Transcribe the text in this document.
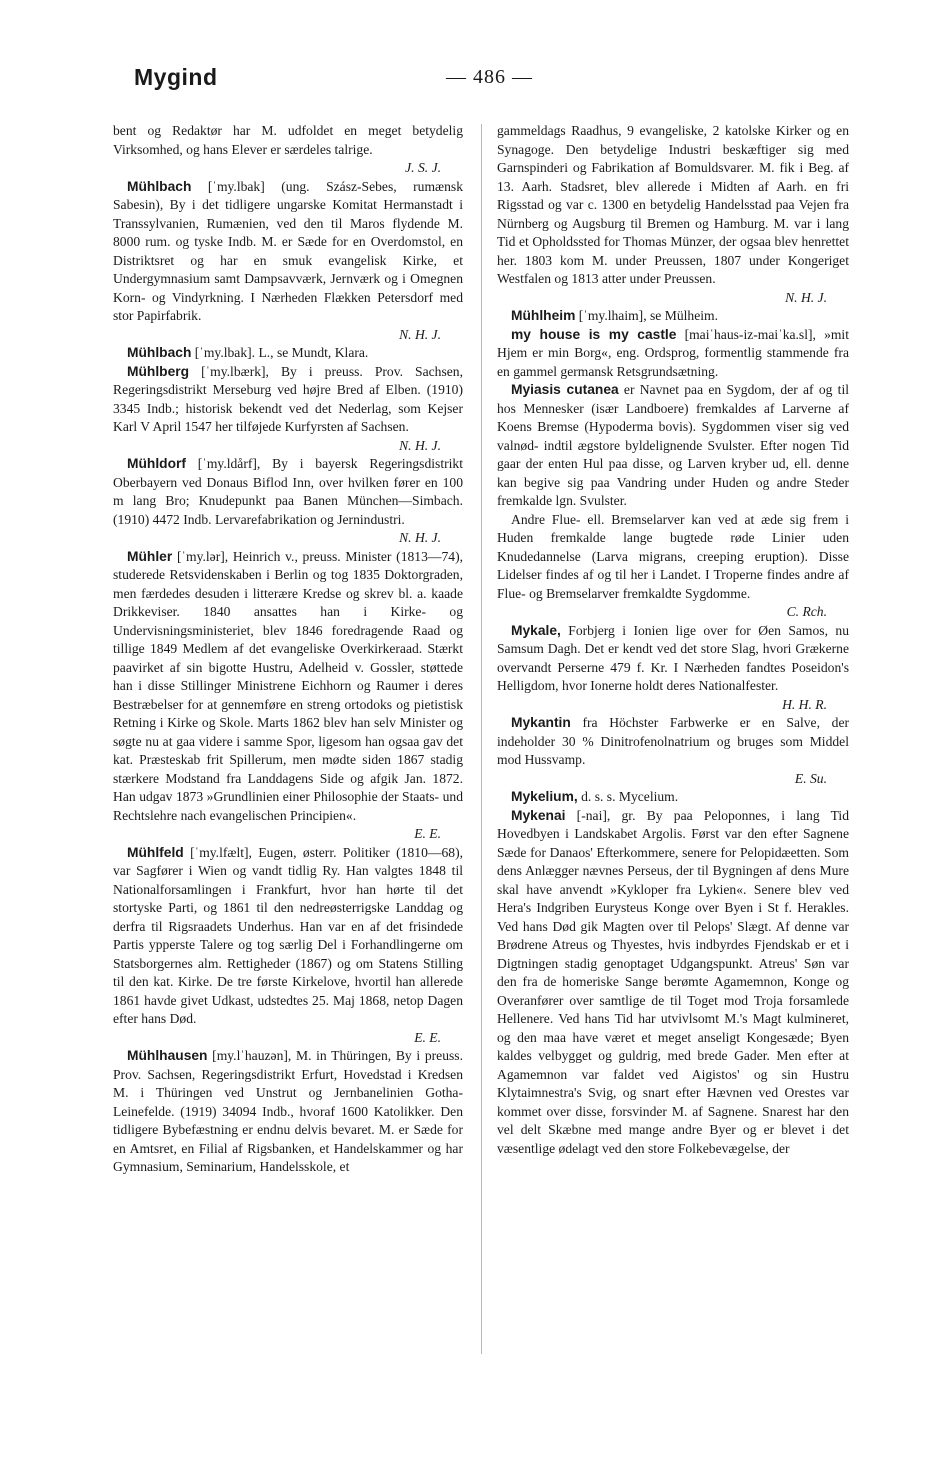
Mygind	— 486 —

bent og Redaktør har M. udfoldet en meget betydelig Virksomhed, og hans Elever er særdeles talrige.
J. S. J.

Mühlbach [ˈmy.lbak] (ung. Szász-Sebes, rumænsk Sabesin), By i det tidligere ungarske Komitat Hermanstadt i Transsylvanien, Rumænien, ved den til Maros flydende M. 8000 rum. og tyske Indb. M. er Sæde for en Overdomstol, en Distriktsret og har en smuk evangelisk Kirke, et Undergymnasium samt Dampsavværk, Jernværk og i Omegnen Korn- og Vindyrkning. I Nærheden Flækken Petersdorf med stor Papirfabrik.
N. H. J.

Mühlbach [ˈmy.lbak]. L., se Mundt, Klara.

Mühlberg [ˈmy.lbærk], By i preuss. Prov. Sachsen, Regeringsdistrikt Merseburg ved højre Bred af Elben. (1910) 3345 Indb.; historisk bekendt ved det Nederlag, som Kejser Karl V April 1547 her tilføjede Kurfyrsten af Sachsen.
N. H. J.

Mühldorf [ˈmy.ldårf], By i bayersk Regeringsdistrikt Oberbayern ved Donaus Biflod Inn, over hvilken fører en 100 m lang Bro; Knudepunkt paa Banen München—Simbach. (1910) 4472 Indb. Lervarefabrikation og Jernindustri.
N. H. J.

Mühler [ˈmy.lər], Heinrich v., preuss. Minister (1813—74), studerede Retsvidenskaben i Berlin og tog 1835 Doktorgraden, men færdedes desuden i litterære Kredse og skrev bl. a. kaade Drikkeviser. 1840 ansattes han i Kirke- og Undervisningsministeriet, blev 1846 foredragende Raad og tillige 1849 Medlem af det evangeliske Overkirkeraad. Stærkt paavirket af sin bigotte Hustru, Adelheid v. Gossler, støttede han i disse Stillinger Ministrene Eichhorn og Raumer i deres Bestræbelser for at gennemføre en streng ortodoks og pietistisk Retning i Kirke og Skole. Marts 1862 blev han selv Minister og søgte nu at gaa videre i samme Spor, ligesom han ogsaa gav det kat. Præsteskab frit Spillerum, men mødte siden 1867 stadig stærkere Modstand fra Landdagens Side og afgik Jan. 1872. Han udgav 1873 »Grundlinien einer Philosophie der Staats- und Rechtslehre nach evangelischen Principien«.
E. E.

Mühlfeld [ˈmy.lfælt], Eugen, østerr. Politiker (1810—68), var Sagfører i Wien og vandt tidlig Ry. Han valgtes 1848 til Nationalforsamlingen i Frankfurt, hvor han hørte til det stortyske Parti, og 1861 til den nedreøsterrigske Landdag og derfra til Rigsraadets Underhus. Han var en af det frisindede Partis ypperste Talere og tog særlig Del i Forhandlingerne om Statsborgernes alm. Rettigheder (1867) og om Statens Stilling til den kat. Kirke. De tre første Kirkelove, hvortil han allerede 1861 havde givet Udkast, udstedtes 25. Maj 1868, netop Dagen efter hans Død.
E. E.

Mühlhausen [my.lˈhauzən], M. in Thüringen, By i preuss. Prov. Sachsen, Regeringsdistrikt Erfurt, Hovedstad i Kredsen M. i Thüringen ved Unstrut og Jernbanelinien Gotha-Leinefelde. (1919) 34094 Indb., hvoraf 1600 Katolikker. Den tidligere Bybefæstning er endnu delvis bevaret. M. er Sæde for en Amtsret, en Filial af Rigsbanken, et Handelskammer og har Gymnasium, Seminarium, Handelsskole, et

gammeldags Raadhus, 9 evangeliske, 2 katolske Kirker og en Synagoge. Den betydelige Industri beskæftiger sig med Garnspinderi og Fabrikation af Bomuldsvarer. M. fik i Beg. af 13. Aarh. Stadsret, blev allerede i Midten af Aarh. en fri Rigsstad og var c. 1300 en betydelig Handelsstad paa Vejen fra Nürnberg og Augsburg til Bremen og Hamburg. M. var i lang Tid et Opholdssted for Thomas Münzer, der ogsaa blev henrettet her. 1803 kom M. under Preussen, 1807 under Kongeriget Westfalen og 1813 atter under Preussen.
N. H. J.

Mühlheim [ˈmy.lhaim], se Mülheim.

my house is my castle [maiˈhaus-iz-maiˈka.sl], »mit Hjem er min Borg«, eng. Ordsprog, formentlig stammende fra en gammel germansk Retsgrundsætning.

Myiasis cutanea er Navnet paa en Sygdom, der af og til hos Mennesker (især Landboere) fremkaldes af Larverne af Koens Bremse (Hypoderma bovis). Sygdommen viser sig ved valnød- indtil ægstore byldelignende Svulster. Efter nogen Tid gaar der enten Hul paa disse, og Larven kryber ud, ell. denne kan begive sig paa Vandring under Huden og andre Steder fremkalde lgn. Svulster.

Andre Flue- ell. Bremselarver kan ved at æde sig frem i Huden fremkalde lange bugtede røde Linier uden Knudedannelse (Larva migrans, creeping eruption). Disse Lidelser findes af og til her i Landet. I Troperne findes andre af Flue- og Bremselarver fremkaldte Sygdomme.
C. Rch.

Mykale, Forbjerg i Ionien lige over for Øen Samos, nu Samsum Dagh. Det er kendt ved det store Slag, hvori Grækerne overvandt Perserne 479 f. Kr. I Nærheden fandtes Poseidon's Helligdom, hvor Ionerne holdt deres Nationalfester.
H. H. R.

Mykantin fra Höchster Farbwerke er en Salve, der indeholder 30 % Dinitrofenolnatrium og bruges som Middel mod Hussvamp.
E. Su.

Mykelium, d. s. s. Mycelium.

Mykenai [-nai], gr. By paa Peloponnes, i lang Tid Hovedbyen i Landskabet Argolis. Først var den efter Sagnene Sæde for Danaos' Efterkommere, senere for Pelopidæetten. Som dens Anlægger nævnes Perseus, der til Bygningen af dens Mure skal have anvendt »Kykloper fra Lykien«. Senere blev ved Hera's Indgriben Eurysteus Konge over Byen i St f. Herakles. Ved hans Død gik Magten over til Pelops' Slægt. Af denne var Brødrene Atreus og Thyestes, hvis indbyrdes Fjendskab er et i Digtningen stadig genoptaget Udgangspunkt. Atreus' Søn var den fra de homeriske Sange berømte Agamemnon, Konge og Overanfører over samtlige de til Toget mod Troja forsamlede Hellenere. Ved hans Tid har utvivlsomt M.'s Magt kulmineret, og den maa have været et meget anseligt Kongesæde; Byen kaldes velbygget og guldrig, med brede Gader. Men efter at Agamemnon var faldet ved Aigistos' og sin Hustru Klytaimnestra's Svig, og snart efter Hævnen ved Orestes var kommet over disse, forsvinder M. af Sagnene. Snarest har den vel delt Skæbne med mange andre Byer og er blevet i det væsentlige ødelagt ved den store Folkebevægelse, der
